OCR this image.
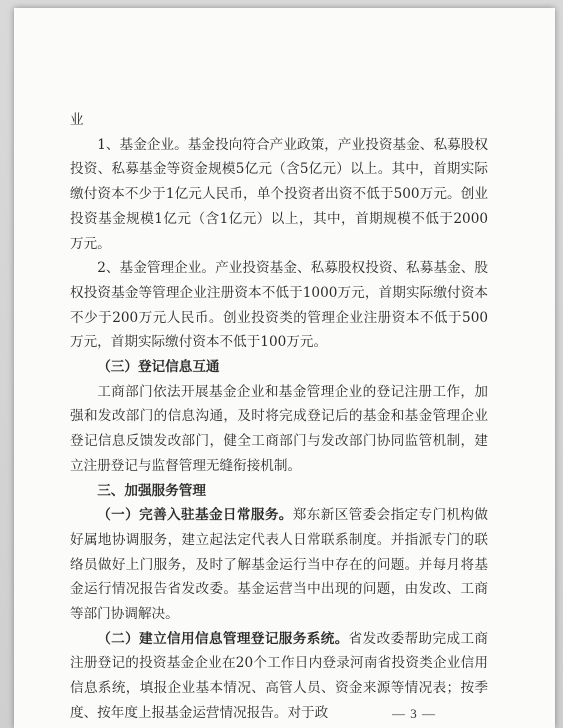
业

1、基金企业。基金投向符合产业政策，产业投资基金、私募股权投资、私募基金等资金规模5亿元（含5亿元）以上。其中，首期实际缴付资本不少于1亿元人民币，单个投资者出资不低于500万元。创业投资基金规模1亿元（含1亿元）以上，其中，首期规模不低于2000万元。

2、基金管理企业。产业投资基金、私募股权投资、私募基金、股权投资基金等管理企业注册资本不低于1000万元，首期实际缴付资本不少于200万元人民币。创业投资类的管理企业注册资本不低于500万元，首期实际缴付资本不低于100万元。

（三）登记信息互通

工商部门依法开展基金企业和基金管理企业的登记注册工作，加强和发改部门的信息沟通，及时将完成登记后的基金和基金管理企业登记信息反馈发改部门，健全工商部门与发改部门协同监管机制，建立注册登记与监督管理无缝衔接机制。

三、加强服务管理

（一）完善入驻基金日常服务。郑东新区管委会指定专门机构做好属地协调服务，建立起法定代表人日常联系制度。并指派专门的联络员做好上门服务，及时了解基金运行当中存在的问题。并每月将基金运行情况报告省发改委。基金运营当中出现的问题，由发改、工商等部门协调解决。

（二）建立信用信息管理登记服务系统。省发改委帮助完成工商注册登记的投资基金企业在20个工作日内登录河南省投资类企业信用信息系统，填报企业基本情况、高管人员、资金来源等情况表；按季度、按年度上报基金运营情况报告。对于政	— 3 —
